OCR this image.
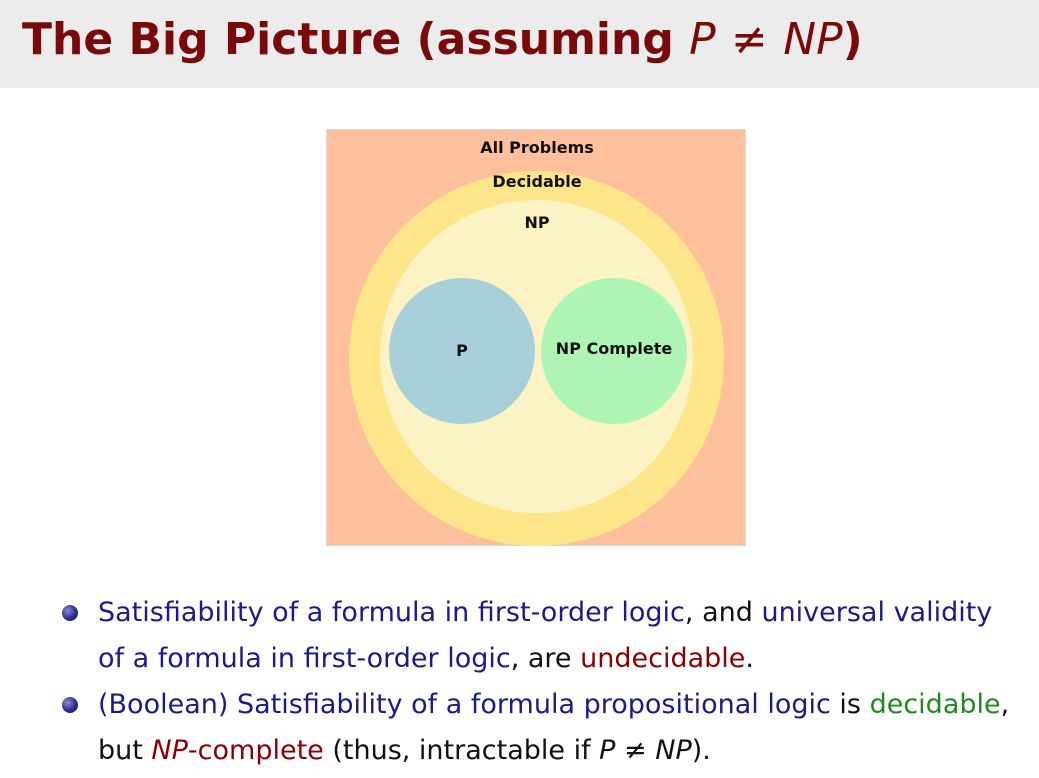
The Big Picture (assuming P ≠ NP)
All Problems
Decidable
NP
P	NP Complete
Satisfiability of a formula in first-order logic, and universal validity of a formula in first-order logic, are undecidable.
(Boolean) Satisfiability of a formula propositional logic is decidable, but NP-complete (thus, intractable if P ≠ NP).
